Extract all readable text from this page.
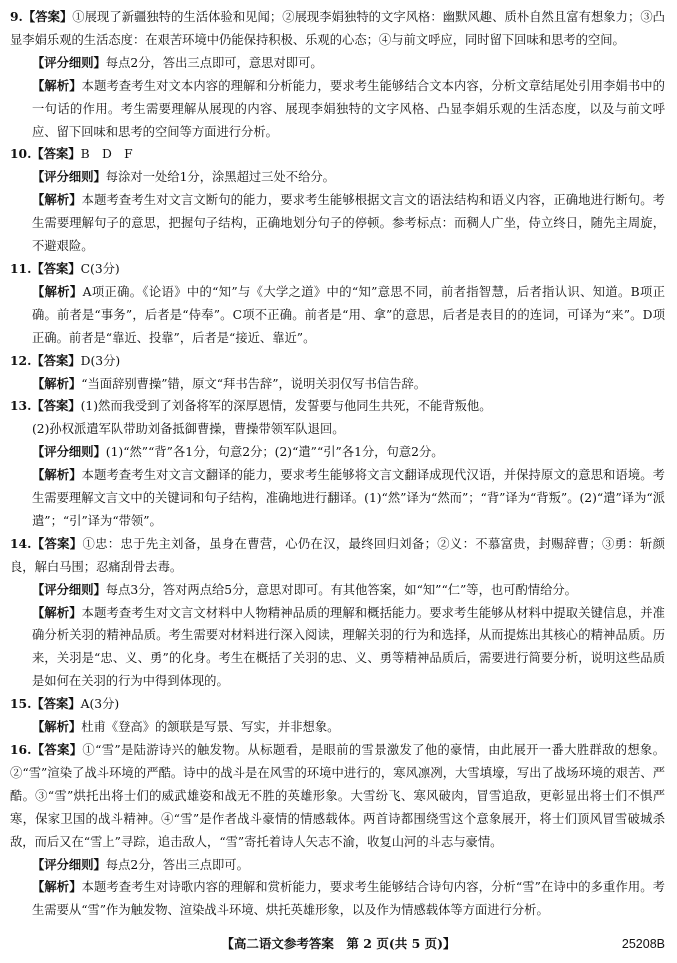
9.【答案】①展现了新疆独特的生活体验和见闻；②展现李娟独特的文字风格：幽默风趣、质朴自然且富有想象力；③凸显李娟乐观的生活态度：在艰苦环境中仍能保持积极、乐观的心态；④与前文呼应，同时留下回味和思考的空间。

【评分细则】每点2分，答出三点即可，意思对即可。

【解析】本题考查考生对文本内容的理解和分析能力，要求考生能够结合文本内容，分析文章结尾处引用李娟书中的一句话的作用。考生需要理解从展现的内容、展现李娟独特的文字风格、凸显李娟乐观的生活态度，以及与前文呼应、留下回味和思考的空间等方面进行分析。

10.【答案】B　D　F

【评分细则】每涂对一处给1分，涂黑超过三处不给分。

【解析】本题考查考生对文言文断句的能力，要求考生能够根据文言文的语法结构和语义内容，正确地进行断句。考生需要理解句子的意思，把握句子结构，正确地划分句子的停顿。参考标点：而稠人广坐，侍立终日，随先主周旋，不避艰险。

11.【答案】C(3分)

【解析】A项正确。《论语》中的“知”与《大学之道》中的“知”意思不同，前者指智慧，后者指认识、知道。B项正确。前者是“事务”，后者是“侍奉”。C项不正确。前者是“用、拿”的意思，后者是表目的的连词，可译为“来”。D项正确。前者是“靠近、投靠”，后者是“接近、靠近”。

12.【答案】D(3分)

【解析】“当面辞别曹操”错，原文“拜书告辞”，说明关羽仅写书信告辞。

13.【答案】(1)然而我受到了刘备将军的深厚恩情，发誓要与他同生共死，不能背叛他。

(2)孙权派遣军队带助刘备抵御曹操，曹操带领军队退回。

【评分细则】(1)“然”“背”各1分，句意2分；(2)“遣”“引”各1分，句意2分。

【解析】本题考查考生对文言文翻译的能力，要求考生能够将文言文翻译成现代汉语，并保持原文的意思和语境。考生需要理解文言文中的关键词和句子结构，准确地进行翻译。(1)“然”译为“然而”；“背”译为“背叛”。(2)“遣”译为“派遣”；“引”译为“带领”。

14.【答案】①忠：忠于先主刘备，虽身在曹营，心仍在汉，最终回归刘备；②义：不慕富贵，封赐辞曹；③勇：斩颜良，解白马围；忍痛刮骨去毒。

【评分细则】每点3分，答对两点给5分，意思对即可。有其他答案，如“知”“仁”等，也可酌情给分。

【解析】本题考查考生对文言文材料中人物精神品质的理解和概括能力。要求考生能够从材料中提取关键信息，并准确分析关羽的精神品质。考生需要对材料进行深入阅读，理解关羽的行为和选择，从而提炼出其核心的精神品质。历来，关羽是“忠、义、勇”的化身。考生在概括了关羽的忠、义、勇等精神品质后，需要进行简要分析，说明这些品质是如何在关羽的行为中得到体现的。

15.【答案】A(3分)

【解析】杜甫《登高》的颔联是写景、写实，并非想象。

16.【答案】①“雪”是陆游诗兴的触发物。从标题看，是眼前的雪景激发了他的豪情，由此展开一番大胜群敌的想象。②“雪”渲染了战斗环境的严酷。诗中的战斗是在风雪的环境中进行的，寒风凛冽，大雪填壕，写出了战场环境的艰苦、严酷。③“雪”烘托出将士们的威武雄姿和战无不胜的英雄形象。大雪纷飞、寒风破肉，冒雪追敌，更彰显出将士们不惧严寒，保家卫国的战斗精神。④“雪”是作者战斗豪情的情感载体。两首诗都围绕雪这个意象展开，将士们顶风冒雪破城杀敌，而后又在“雪上”寻踪，追击敌人，“雪”寄托着诗人矢志不渝，收复山河的斗志与豪情。

【评分细则】每点2分，答出三点即可。

【解析】本题考查考生对诗歌内容的理解和赏析能力，要求考生能够结合诗句内容，分析“雪”在诗中的多重作用。考生需要从“雪”作为触发物、渲染战斗环境、烘托英雄形象，以及作为情感载体等方面进行分析。

【高二语文参考答案　第 2 页(共 5 页)】	25208B
